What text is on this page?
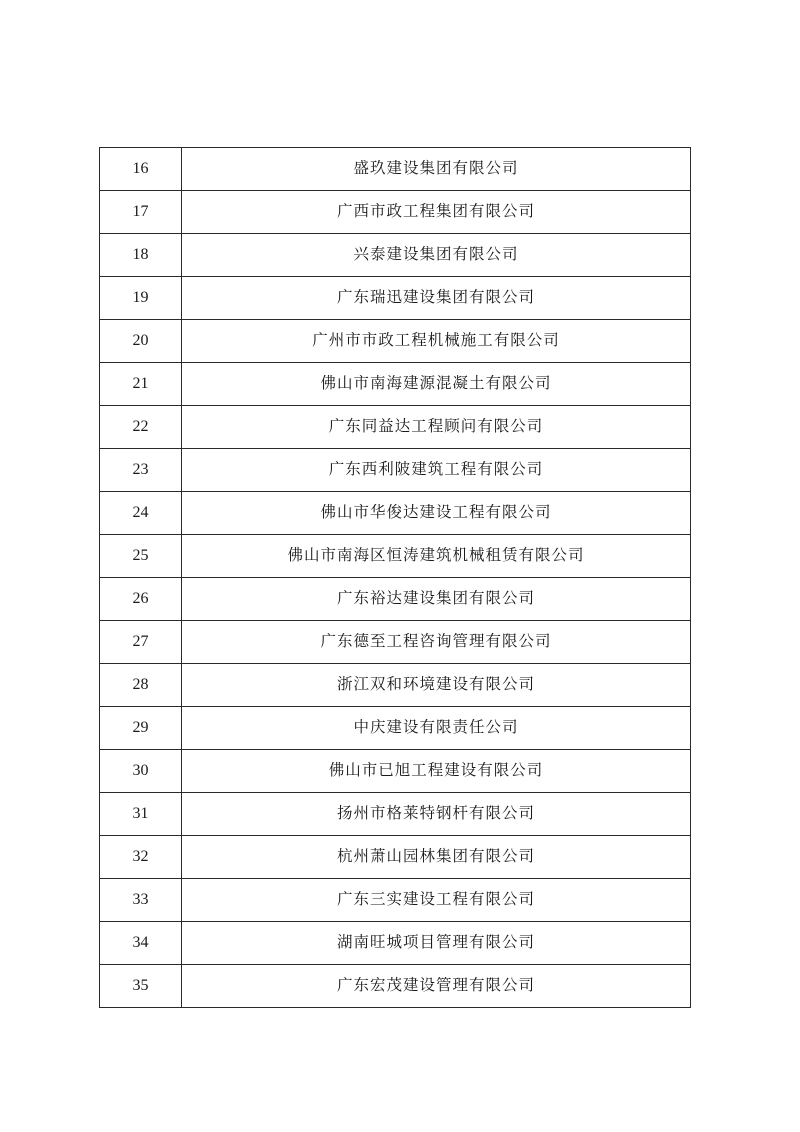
16	盛玖建设集团有限公司
17	广西市政工程集团有限公司
18	兴泰建设集团有限公司
19	广东瑞迅建设集团有限公司
20	广州市市政工程机械施工有限公司
21	佛山市南海建源混凝土有限公司
22	广东同益达工程顾问有限公司
23	广东西利陂建筑工程有限公司
24	佛山市华俊达建设工程有限公司
25	佛山市南海区恒涛建筑机械租赁有限公司
26	广东裕达建设集团有限公司
27	广东德至工程咨询管理有限公司
28	浙江双和环境建设有限公司
29	中庆建设有限责任公司
30	佛山市已旭工程建设有限公司
31	扬州市格莱特钢杆有限公司
32	杭州萧山园林集团有限公司
33	广东三实建设工程有限公司
34	湖南旺城项目管理有限公司
35	广东宏茂建设管理有限公司
